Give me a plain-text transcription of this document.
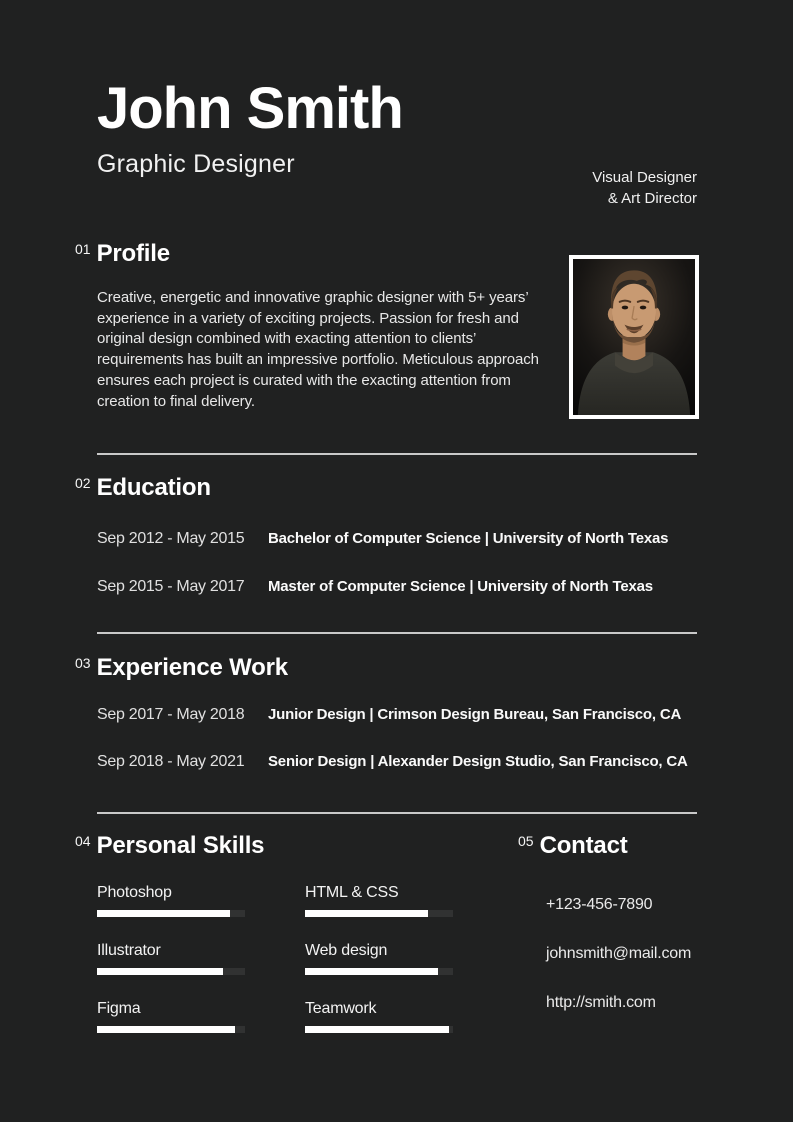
John Smith
Graphic Designer	Visual Designer
& Art Director
01 Profile

Creative, energetic and innovative graphic designer with 5+ years’ experience in a variety of exciting projects. Passion for fresh and original design combined with exacting attention to clients’ requirements has built an impressive portfolio. Meticulous approach ensures each project is curated with the exacting attention from creation to final delivery.

02 Education
Sep 2012 - May 2015	Bachelor of Computer Science | University of North Texas
Sep 2015 - May 2017	Master of Computer Science | University of North Texas
03 Experience Work
Sep 2017 - May 2018	Junior Design | Crimson Design Bureau, San Francisco, CA
Sep 2018 - May 2021	Senior Design | Alexander Design Studio, San Francisco, CA
04 Personal Skills
Photoshop
Illustrator
Figma
HTML & CSS
Web design
Teamwork
05 Contact
+123-456-7890
johnsmith@mail.com
http://smith.com
